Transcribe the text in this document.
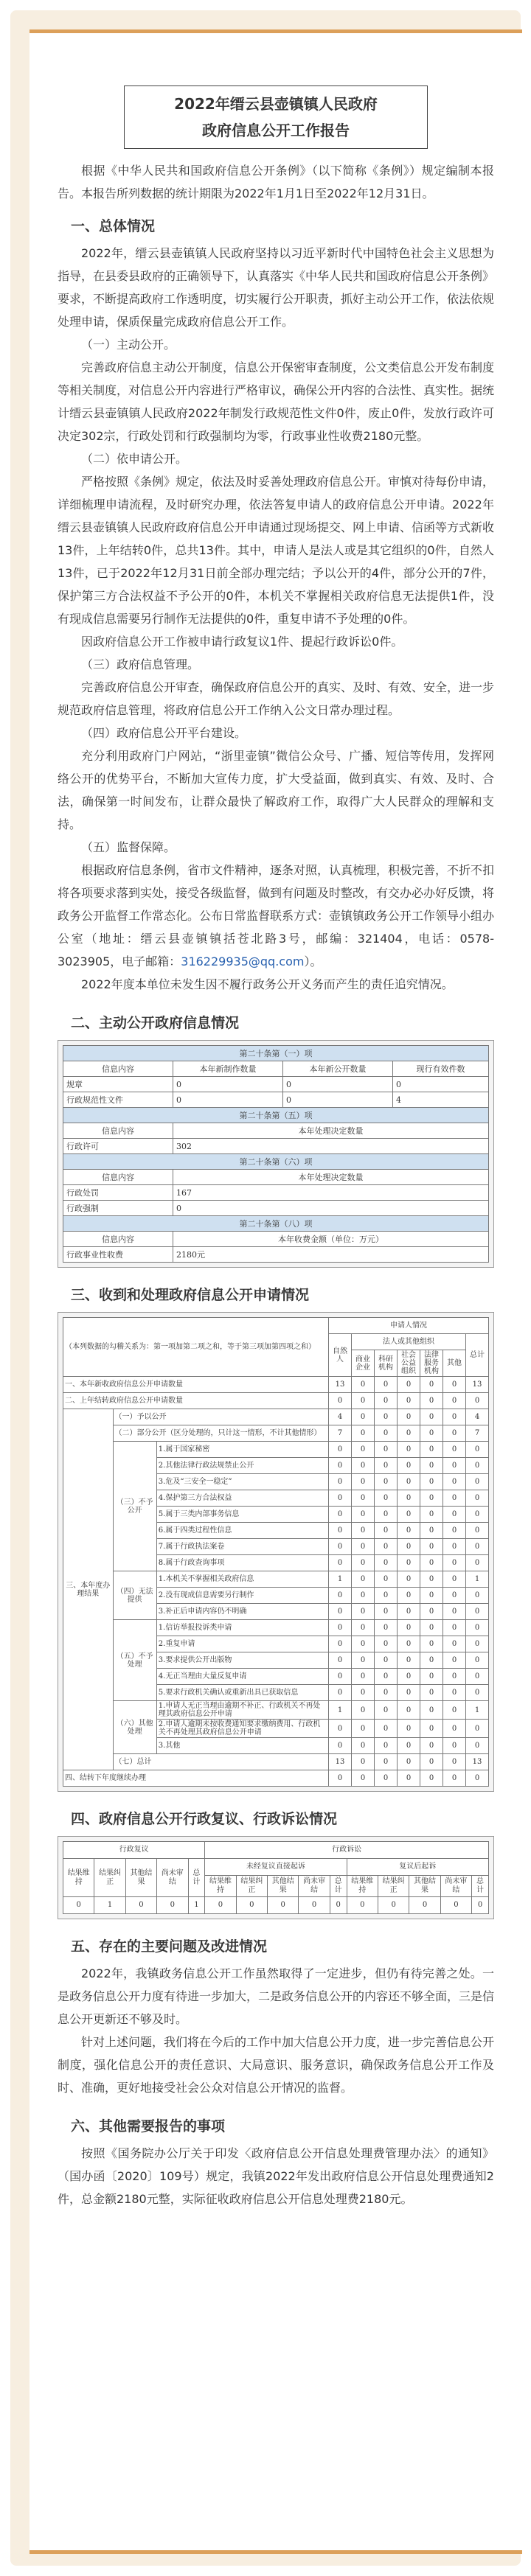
2022年缙云县壶镇镇人民政府
政府信息公开工作报告

根据《中华人民共和国政府信息公开条例》（以下简称《条例》）规定编制本报告。本报告所列数据的统计期限为2022年1月1日至2022年12月31日。

一、总体情况

2022年，缙云县壶镇镇人民政府坚持以习近平新时代中国特色社会主义思想为指导，在县委县政府的正确领导下，认真落实《中华人民共和国政府信息公开条例》要求，不断提高政府工作透明度，切实履行公开职责，抓好主动公开工作，依法依规处理申请，保质保量完成政府信息公开工作。

（一）主动公开。

完善政府信息主动公开制度，信息公开保密审查制度，公文类信息公开发布制度等相关制度，对信息公开内容进行严格审议，确保公开内容的合法性、真实性。据统计缙云县壶镇镇人民政府2022年制发行政规范性文件0件，废止0件，发放行政许可决定302宗，行政处罚和行政强制均为零，行政事业性收费2180元整。

（二）依申请公开。

严格按照《条例》规定，依法及时妥善处理政府信息公开。审慎对待每份申请，详细梳理申请流程，及时研究办理，依法答复申请人的政府信息公开申请。2022年缙云县壶镇镇人民政府政府信息公开申请通过现场提交、网上申请、信函等方式新收13件，上年结转0件，总共13件。其中，申请人是法人或是其它组织的0件，自然人13件，已于2022年12月31日前全部办理完结；予以公开的4件，部分公开的7件，保护第三方合法权益不予公开的0件，本机关不掌握相关政府信息无法提供1件，没有现成信息需要另行制作无法提供的0件，重复申请不予处理的0件。

因政府信息公开工作被申请行政复议1件、提起行政诉讼0件。

（三）政府信息管理。

完善政府信息公开审查，确保政府信息公开的真实、及时、有效、安全，进一步规范政府信息管理，将政府信息公开工作纳入公文日常办理过程。

（四）政府信息公开平台建设。

充分利用政府门户网站，“浙里壶镇”微信公众号、广播、短信等传用，发挥网络公开的优势平台，不断加大宣传力度，扩大受益面，做到真实、有效、及时、合法，确保第一时间发布，让群众最快了解政府工作，取得广大人民群众的理解和支持。

（五）监督保障。

根据政府信息条例，省市文件精神，逐条对照，认真梳理，积极完善，不折不扣将各项要求落到实处，接受各级监督，做到有问题及时整改，有交办必办好反馈，将政务公开监督工作常态化。公布日常监督联系方式：壶镇镇政务公开工作领导小组办公室（地址：缙云县壶镇镇括苍北路3号，邮编：321404，电话：0578-3023905，电子邮箱：316229935@qq.com）。

2022年度本单位未发生因不履行政务公开义务而产生的责任追究情况。

二、主动公开政府信息情况
第二十条第（一）项			
信息内容	本年新制作数量	本年新公开数量	现行有效件数
规章	0	0	0
行政规范性文件	0	0	4
第二十条第（五）项			
信息内容	本年处理决定数量		
行政许可	302		
第二十条第（六）项			
信息内容	本年处理决定数量		
行政处罚	167		
行政强制	0		
第二十条第（八）项			
信息内容	本年收费金额（单位：万元）		
行政事业性收费	2180元		
三、收到和处理政府信息公开申请情况
（本列数据的勾稽关系为：第一项加第二项之和，等于第三项加第四项之和）			申请人情况						
			自然人	法人或其他组织					总计
				商业企业	科研机构	社会公益组织	法律服务机构	其他	
一、本年新收政府信息公开申请数量			13	0	0	0	0	0	13
二、上年结转政府信息公开申请数量			0	0	0	0	0	0	0
三、本年度办理结果	（一）予以公开		4	0	0	0	0	0	4
	（二）部分公开（区分处理的，只计这一情形，不计其他情形）		7	0	0	0	0	0	7
	（三）不予公开	1.属于国家秘密	0	0	0	0	0	0	0
		2.其他法律行政法规禁止公开	0	0	0	0	0	0	0
		3.危及“三安全一稳定”	0	0	0	0	0	0	0
		4.保护第三方合法权益	0	0	0	0	0	0	0
		5.属于三类内部事务信息	0	0	0	0	0	0	0
		6.属于四类过程性信息	0	0	0	0	0	0	0
		7.属于行政执法案卷	0	0	0	0	0	0	0
		8.属于行政查询事项	0	0	0	0	0	0	0
	（四）无法提供	1.本机关不掌握相关政府信息	1	0	0	0	0	0	1
		2.没有现成信息需要另行制作	0	0	0	0	0	0	0
		3.补正后申请内容仍不明确	0	0	0	0	0	0	0
	（五）不予处理	1.信访举报投诉类申请	0	0	0	0	0	0	0
		2.重复申请	0	0	0	0	0	0	0
		3.要求提供公开出版物	0	0	0	0	0	0	0
		4.无正当理由大量反复申请	0	0	0	0	0	0	0
		5.要求行政机关确认或重新出具已获取信息	0	0	0	0	0	0	0
	（六）其他处理	1.申请人无正当理由逾期不补正、行政机关不再处理其政府信息公开申请	1	0	0	0	0	0	1
		2.申请人逾期未按收费通知要求缴纳费用、行政机关不再处理其政府信息公开申请	0	0	0	0	0	0	0
		3.其他	0	0	0	0	0	0	0
	（七）总计		13	0	0	0	0	0	13
四、结转下年度继续办理			0	0	0	0	0	0	0
四、政府信息公开行政复议、行政诉讼情况
行政复议					行政诉讼									
结果维持	结果纠正	其他结果	尚未审结	总计	未经复议直接起诉					复议后起诉				
					结果维持	结果纠正	其他结果	尚未审结	总计	结果维持	结果纠正	其他结果	尚未审结	总计
0	1	0	0	1	0	0	0	0	0	0	0	0	0	0
五、存在的主要问题及改进情况

2022年，我镇政务信息公开工作虽然取得了一定进步，但仍有待完善之处。一是政务信息公开力度有待进一步加大，二是政务信息公开的内容还不够全面，三是信息公开更新还不够及时。

针对上述问题，我们将在今后的工作中加大信息公开力度，进一步完善信息公开制度，强化信息公开的责任意识、大局意识、服务意识，确保政务信息公开工作及时、准确，更好地接受社会公众对信息公开情况的监督。

六、其他需要报告的事项

按照《国务院办公厅关于印发〈政府信息公开信息处理费管理办法〉的通知》（国办函〔2020〕109号）规定，我镇2022年发出政府信息公开信息处理费通知2件，总金额2180元整，实际征收政府信息公开信息处理费2180元。
